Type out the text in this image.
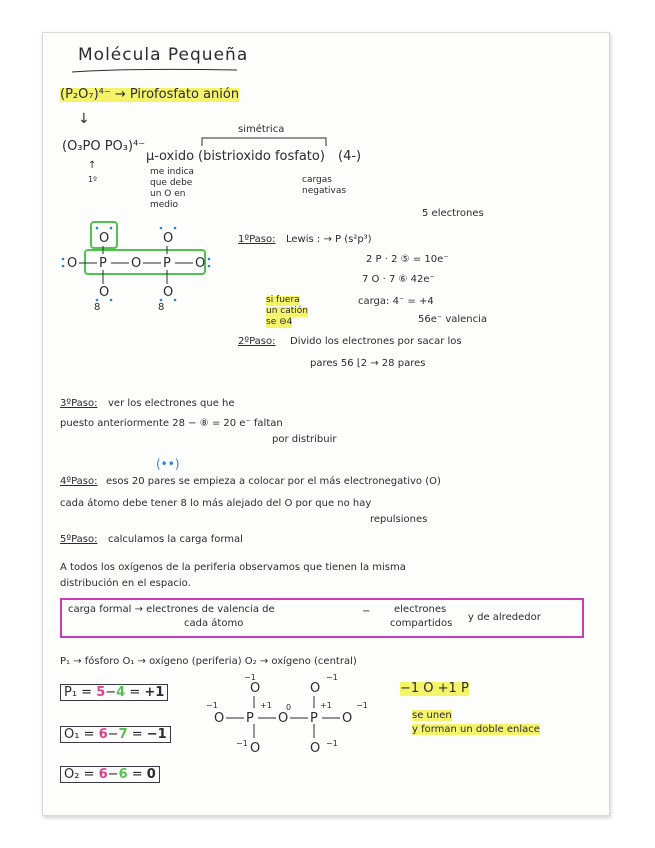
Molécula Pequeña
(P₂O₇)⁴⁻ → Pirofosfato anión
↓
(O₃PO PO₃)⁴⁻
simétrica
μ-oxido (bistrioxido fosfato) (4-)
↑
1º
me indica
que debe
un O en
medio
cargas
negativas
O
O P O P O
O
O	O
8	8
5 electrones
1ºPaso: Lewis : → P (s²p³)
2 P · 2 ⑤ = 10e⁻
7 O · 7 ⑥ 42e⁻
carga: 4⁻ = +4
56e⁻ valencia
si fuera
un catión
se ⊖4
2ºPaso: Divido los electrones por sacar los
pares 56 ⌊2 → 28 pares
3ºPaso: ver los electrones que he
puesto anteriormente 28 − ⑧ = 20 e⁻ faltan
por distribuir
(••)
4ºPaso: esos 20 pares se empieza a colocar por el más electronegativo (O)
cada átomo debe tener 8 lo más alejado del O por que no hay
repulsiones
5ºPaso: calculamos la carga formal
A todos los oxígenos de la periferia observamos que tienen la misma
distribución en el espacio.
carga formal → electrones de valencia de
cada átomo
− electrones
compartidos
y de alrededor
P₁ → fósforo O₁ → oxígeno (periferia) O₂ → oxígeno (central)
P₁ = 5−4 = +1
O₁ = 6−7 = −1
O₂ = 6−6 = 0
O	O
O P O P O
O	O
−1	−1
−1	−1
+1	+1
0
−1	−1
−1 O +1 P
se unen
y forman un doble enlace
